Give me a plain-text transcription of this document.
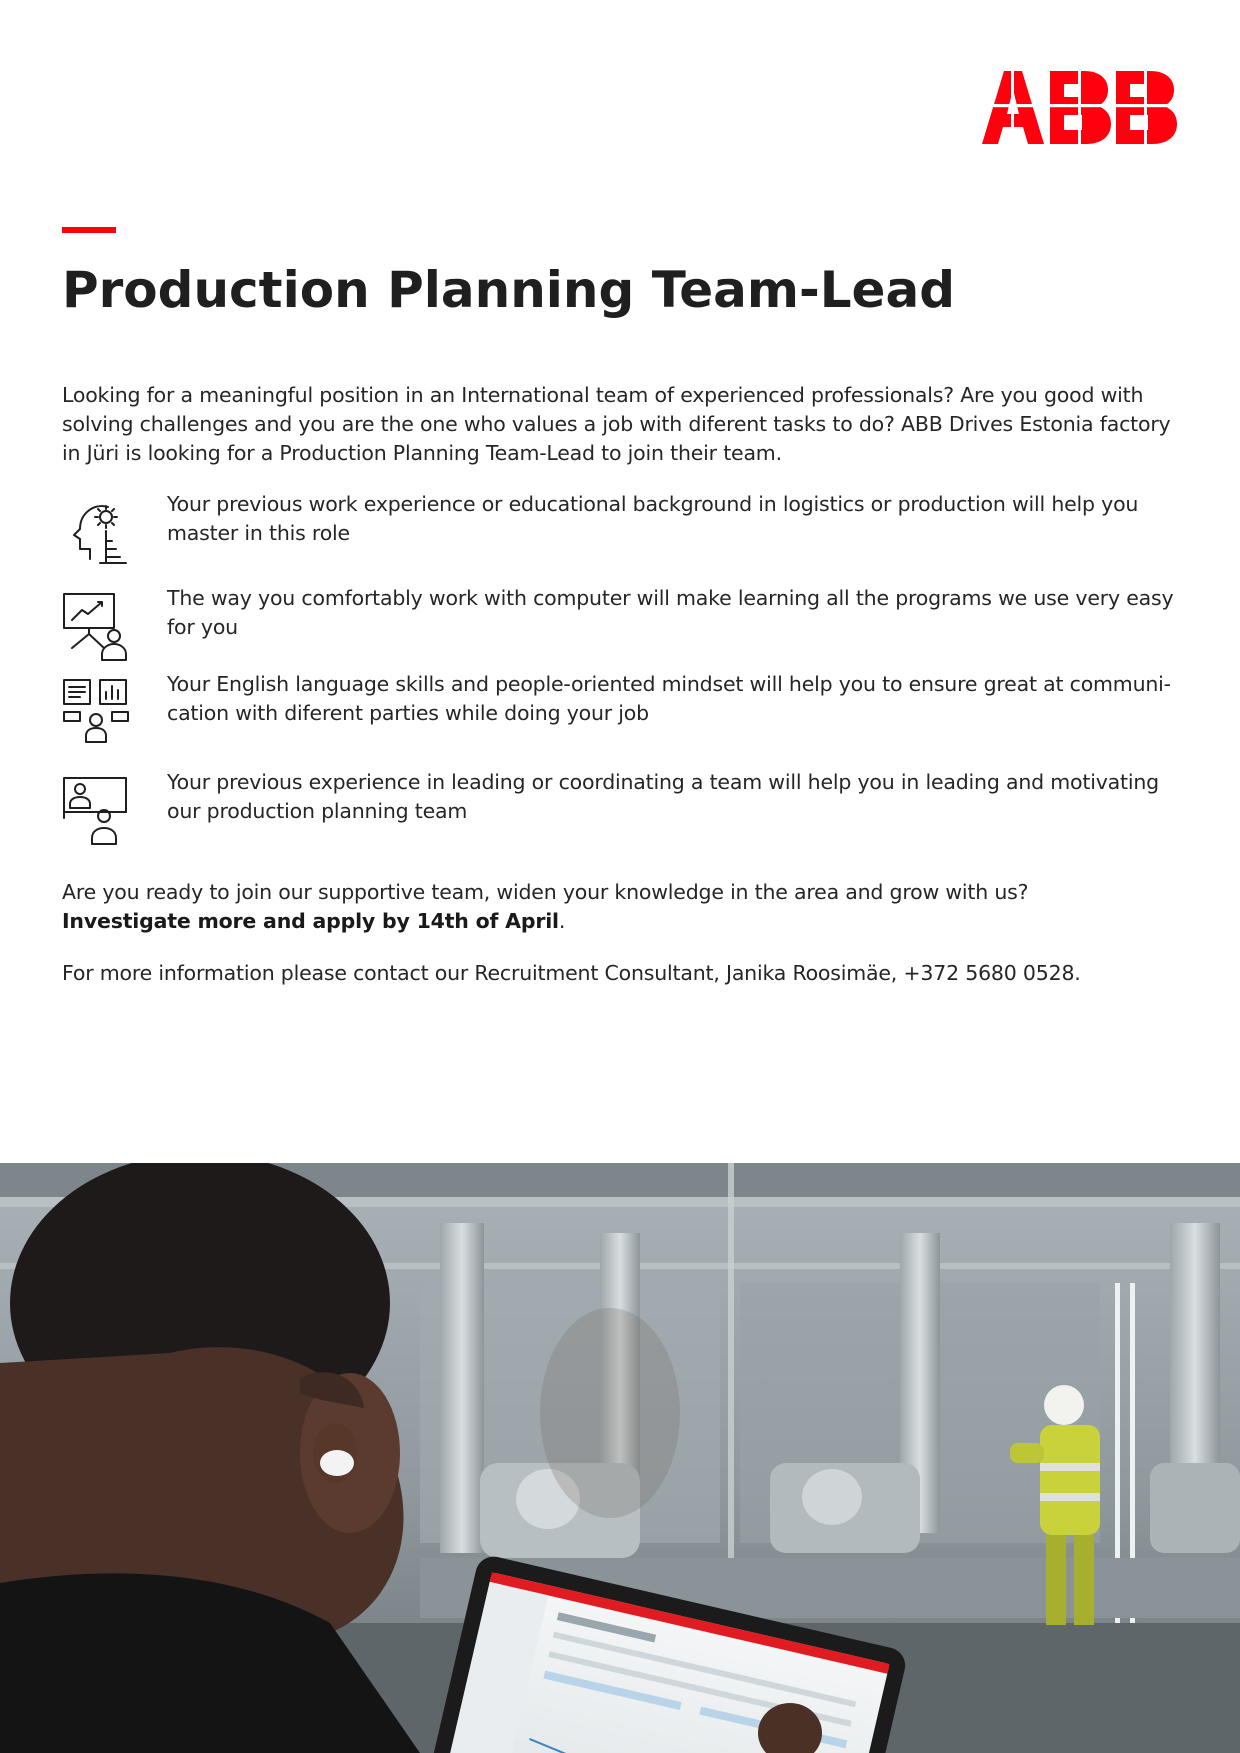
Production Planning Team-Lead

Looking for a meaningful position in an International team of experienced professionals? Are you good with solving challenges and you are the one who values a job with diferent tasks to do? ABB Drives Estonia factory in Jüri is looking for a Production Planning Team-Lead to join their team.

Your previous work experience or educational background in logistics or production will help you master in this role

The way you comfortably work with computer will make learning all the programs we use very easy for you

Your English language skills and people-oriented mindset will help you to ensure great at communi-cation with diferent parties while doing your job

Your previous experience in leading or coordinating a team will help you in leading and motivating our production planning team

Are you ready to join our supportive team, widen your knowledge in the area and grow with us?
Investigate more and apply by 14th of April.

For more information please contact our Recruitment Consultant, Janika Roosimäe, +372 5680 0528.
